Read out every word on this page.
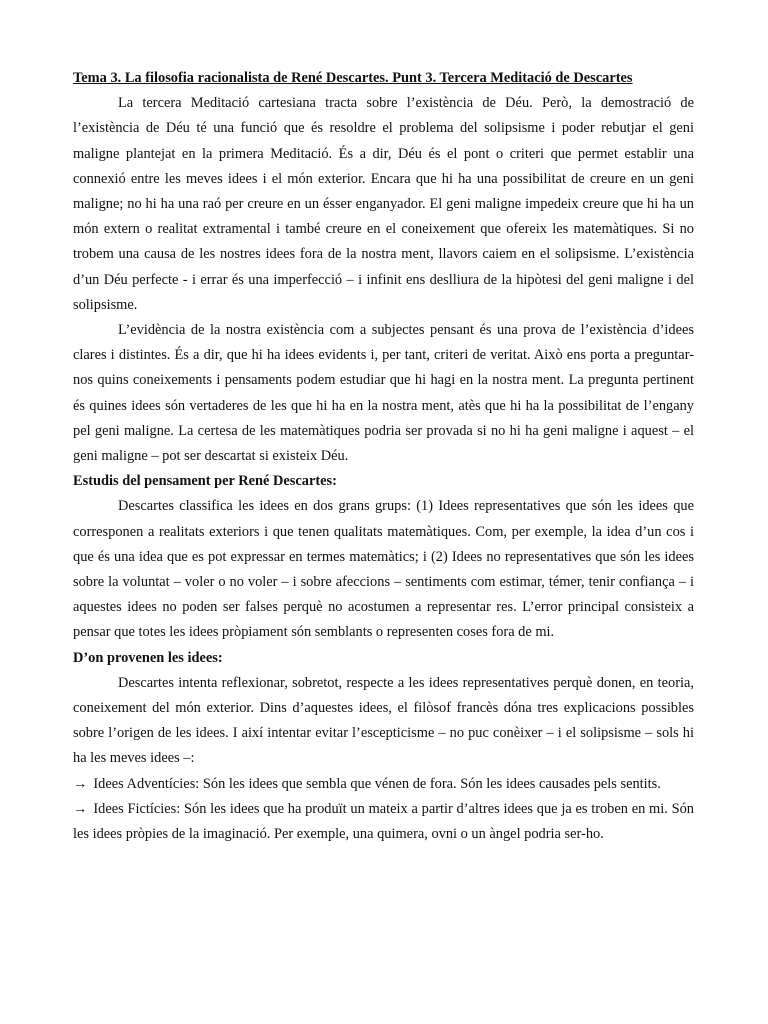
Tema 3. La filosofia racionalista de René Descartes. Punt 3. Tercera Meditació de Descartes

La tercera Meditació cartesiana tracta sobre l’existència de Déu. Però, la demostració de l’existència de Déu té una funció que és resoldre el problema del solipsisme i poder rebutjar el geni maligne plantejat en la primera Meditació. És a dir, Déu és el pont o criteri que permet establir una connexió entre les meves idees i el món exterior. Encara que hi ha una possibilitat de creure en un geni maligne; no hi ha una raó per creure en un ésser enganyador. El geni maligne impedeix creure que hi ha un món extern o realitat extramental i també creure en el coneixement que ofereix les matemàtiques. Si no trobem una causa de les nostres idees fora de la nostra ment, llavors caiem en el solipsisme. L’existència d’un Déu perfecte - i errar és una imperfecció – i infinit ens deslliura de la hipòtesi del geni maligne i del solipsisme.

L’evidència de la nostra existència com a subjectes pensant és una prova de l’existència d’idees clares i distintes. És a dir, que hi ha idees evidents i, per tant, criteri de veritat. Això ens porta a preguntar-nos quins coneixements i pensaments podem estudiar que hi hagi en la nostra ment. La pregunta pertinent és quines idees són vertaderes de les que hi ha en la nostra ment, atès que hi ha la possibilitat de l’engany pel geni maligne. La certesa de les matemàtiques podria ser provada si no hi ha geni maligne i aquest – el geni maligne – pot ser descartat si existeix Déu.

Estudis del pensament per René Descartes:

Descartes classifica les idees en dos grans grups: (1) Idees representatives que són les idees que corresponen a realitats exteriors i que tenen qualitats matemàtiques. Com, per exemple, la idea d’un cos i que és una idea que es pot expressar en termes matemàtics; i (2) Idees no representatives que són les idees sobre la voluntat – voler o no voler – i sobre afeccions – sentiments com estimar, témer, tenir confiança – i aquestes idees no poden ser falses perquè no acostumen a representar res. L’error principal consisteix a pensar que totes les idees pròpiament són semblants o representen coses fora de mi.

D’on provenen les idees:

Descartes intenta reflexionar, sobretot, respecte a les idees representatives perquè donen, en teoria, coneixement del món exterior. Dins d’aquestes idees, el filòsof francès dóna tres explicacions possibles sobre l’origen de les idees. I així intentar evitar l’escepticisme – no puc conèixer – i el solipsisme – sols hi ha les meves idees –:

→ Idees Adventícies: Són les idees que sembla que vénen de fora. Són les idees causades pels sentits.

→ Idees Fictícies: Són les idees que ha produït un mateix a partir d’altres idees que ja es troben en mi. Són les idees pròpies de la imaginació. Per exemple, una quimera, ovni o un àngel podria ser-ho.
